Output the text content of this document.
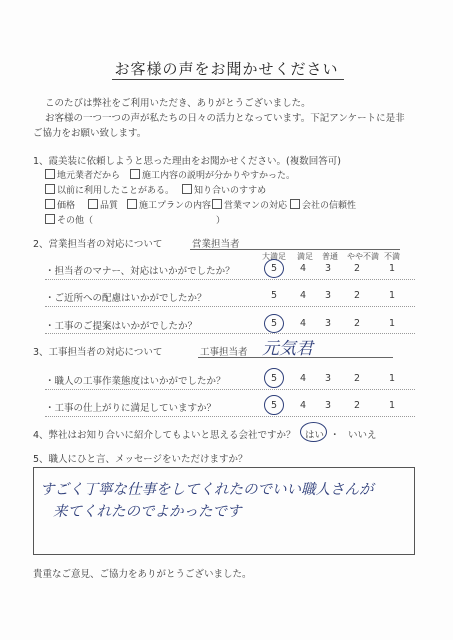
お客様の声をお聞かせください
このたびは弊社をご利用いただき、ありがとうございました。
お客様の一つ一つの声が私たちの日々の活力となっています。下記アンケートに是非
ご協力をお願い致します。
1、霞美装に依頼しようと思った理由をお聞かせください。(複数回答可)
地元業者だから	施工内容の説明が分かりやすかった。
以前に利用したことがある。	知り合いのすすめ
価格	品質	施工プランの内容	営業マンの対応	会社の信頼性
その他（	）
2、営業担当者の対応について	営業担当者
大満足 満足 普通 やや不満 不満
・担当者のマナー、対応はいかがでしたか？	5	4	3	2	1
・ご近所への配慮はいかがでしたか？	5	4	3	2	1
・工事のご提案はいかがでしたか？	5	4	3	2	1
3、工事担当者の対応について	工事担当者 元気君
・職人の工事作業態度はいかがでしたか？	5	4	3	2	1
・工事の仕上がりに満足していますか？	5	4	3	2	1
4、弊社はお知り合いに紹介してもよいと思える会社ですか？ はい ・ いいえ
5、職人にひと言、メッセージをいただけますか？
すごく丁寧な仕事をしてくれたのでいい職人さんが
来てくれたのでよかったです
貴重なご意見、ご協力をありがとうございました。
